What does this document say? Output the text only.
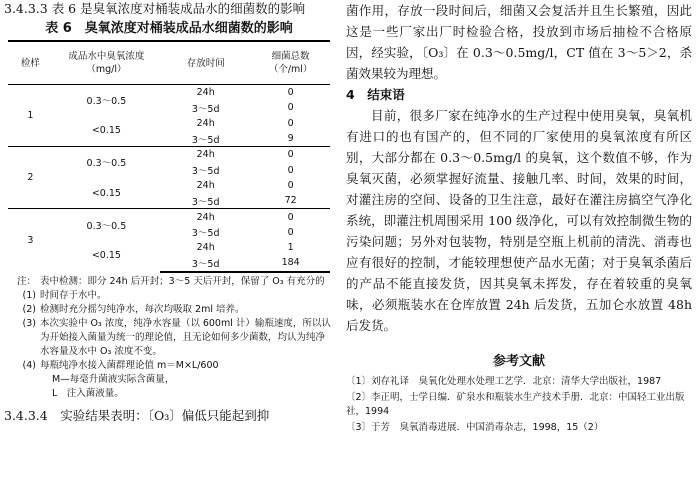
3.4.3.3 表 6 是臭氧浓度对桶装成品水的细菌数的影响
表 6　臭氧浓度对桶装成品水细菌数的影响
检样	成品水中臭氧浓度（mg/l）	存放时间	细菌总数（个/ml）
1	0.3～0.5	24h	0
		3～5d	0
	<0.15	24h	0
		3～5d	9
2	0.3～0.5	24h	0
		3～5d	0
	<0.15	24h	0
		3～5d	72
3	0.3～0.5	24h	0
		3～5d	0
	<0.15	24h	1
		3～5d	184
注：(1)
表中检测：即分 24h 后开封；3～5 天后开封，保留了 O₃ 有充分的时间存于水中。
(2) 检测时充分摇匀纯净水，每次均吸取 2ml 培养。
(3) 本次实验中 O₃ 浓度，纯净水容量（以 600ml 计）输瓶速度，所以认为开始接入菌量为统一的理论值，且无论如何多少菌数，均认为纯净水容量及水中 O₃ 浓度不变。
(4) 每瓶纯净水接入菌群理论值 m＝M×L/600
M—每毫升菌液实际含菌量，
L　注入菌液量。
3.4.3.4　实验结果表明：〔O₃〕偏低只能起到抑
菌作用，存放一段时间后，细菌又会复活并且生长繁殖，因此这是一些厂家出厂时检验合格，投放到市场后抽检不合格原因，经实验，〔O₃〕在 0.3～0.5mg/l，CT 值在 3～5＞2，杀菌效果较为理想。
4　结束语
目前，很多厂家在纯净水的生产过程中使用臭氧，臭氧机有进口的也有国产的，但不同的厂家使用的臭氧浓度有所区别，大部分都在 0.3～0.5mg/l 的臭氧，这个数值不够，作为臭氧灭菌，必须掌握好流量、接触几率、时间，效果的时间，对灌注房的空间、设备的卫生注意，最好在灌注房搞空气净化系统，即灌注机周围采用 100 级净化，可以有效控制微生物的污染问题；另外对包装物，特别是空瓶上机前的清洗、消毒也应有很好的控制，才能较理想使产品水无菌；对于臭氧杀菌后的产品不能直接发货，因其臭氧未挥发，存在着较重的臭氧味，必须瓶装水在仓库放置 24h 后发货，五加仑水放置 48h 后发货。
参考文献
〔1〕刘存礼译　臭氧化处理水处理工艺学．北京：清华大学出版社，1987
〔2〕李正明，士学日编．矿泉水和瓶装水生产技术手册．北京：中国轻工业出版社，1994
〔3〕于芳　臭氧消毒进展．中国消毒杂志，1998，15（2）
